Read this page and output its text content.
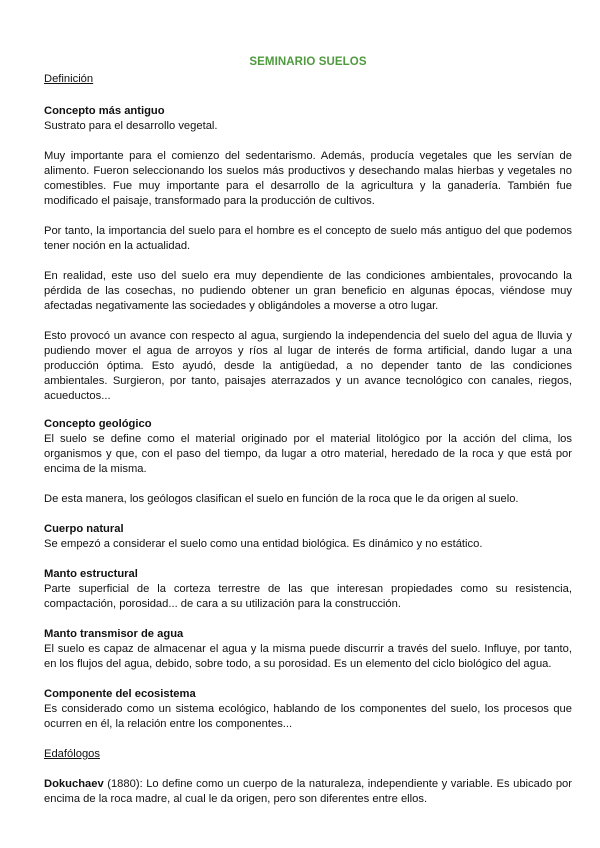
SEMINARIO SUELOS
Definición
Concepto más antiguo

Sustrato para el desarrollo vegetal.

Muy importante para el comienzo del sedentarismo. Además, producía vegetales que les servían de alimento. Fueron seleccionando los suelos más productivos y desechando malas hierbas y vegetales no comestibles. Fue muy importante para el desarrollo de la agricultura y la ganadería. También fue modificado el paisaje, transformado para la producción de cultivos.

Por tanto, la importancia del suelo para el hombre es el concepto de suelo más antiguo del que podemos tener noción en la actualidad.

En realidad, este uso del suelo era muy dependiente de las condiciones ambientales, provocando la pérdida de las cosechas, no pudiendo obtener un gran beneficio en algunas épocas, viéndose muy afectadas negativamente las sociedades y obligándoles a moverse a otro lugar.

Esto provocó un avance con respecto al agua, surgiendo la independencia del suelo del agua de lluvia y pudiendo mover el agua de arroyos y ríos al lugar de interés de forma artificial, dando lugar a una producción óptima. Esto ayudó, desde la antigüedad, a no depender tanto de las condiciones ambientales. Surgieron, por tanto, paisajes aterrazados y un avance tecnológico con canales, riegos, acueductos...

Concepto geológico

El suelo se define como el material originado por el material litológico por la acción del clima, los organismos y que, con el paso del tiempo, da lugar a otro material, heredado de la roca y que está por encima de la misma.

De esta manera, los geólogos clasifican el suelo en función de la roca que le da origen al suelo.

Cuerpo natural

Se empezó a considerar el suelo como una entidad biológica. Es dinámico y no estático.

Manto estructural

Parte superficial de la corteza terrestre de las que interesan propiedades como su resistencia, compactación, porosidad... de cara a su utilización para la construcción.

Manto transmisor de agua

El suelo es capaz de almacenar el agua y la misma puede discurrir a través del suelo. Influye, por tanto, en los flujos del agua, debido, sobre todo, a su porosidad. Es un elemento del ciclo biológico del agua.

Componente del ecosistema

Es considerado como un sistema ecológico, hablando de los componentes del suelo, los procesos que ocurren en él, la relación entre los componentes...

Edafólogos

Dokuchaev (1880): Lo define como un cuerpo de la naturaleza, independiente y variable. Es ubicado por encima de la roca madre, al cual le da origen, pero son diferentes entre ellos.
